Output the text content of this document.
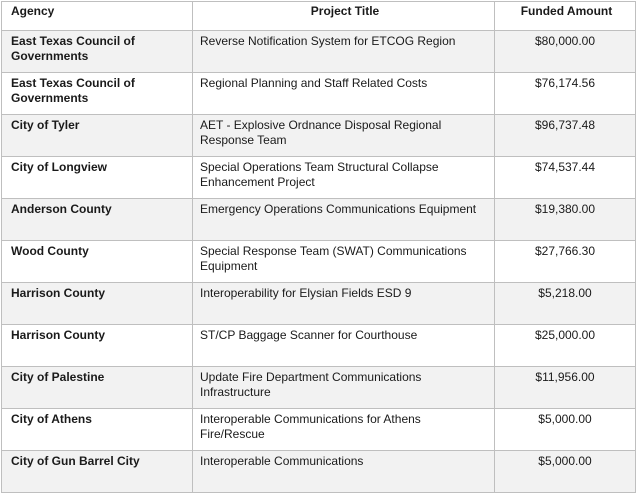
Agency	Project Title	Funded Amount
East Texas Council of Governments	Reverse Notification System for ETCOG Region	$80,000.00
East Texas Council of Governments	Regional Planning and Staff Related Costs	$76,174.56
City of Tyler	AET - Explosive Ordnance Disposal Regional Response Team	$96,737.48
City of Longview	Special Operations Team Structural Collapse Enhancement Project	$74,537.44
Anderson County	Emergency Operations Communications Equipment	$19,380.00
Wood County	Special Response Team (SWAT) Communications Equipment	$27,766.30
Harrison County	Interoperability for Elysian Fields ESD 9	$5,218.00
Harrison County	ST/CP Baggage Scanner for Courthouse	$25,000.00
City of Palestine	Update Fire Department Communications Infrastructure	$11,956.00
City of Athens	Interoperable Communications for Athens Fire/Rescue	$5,000.00
City of Gun Barrel City	Interoperable Communications	$5,000.00
